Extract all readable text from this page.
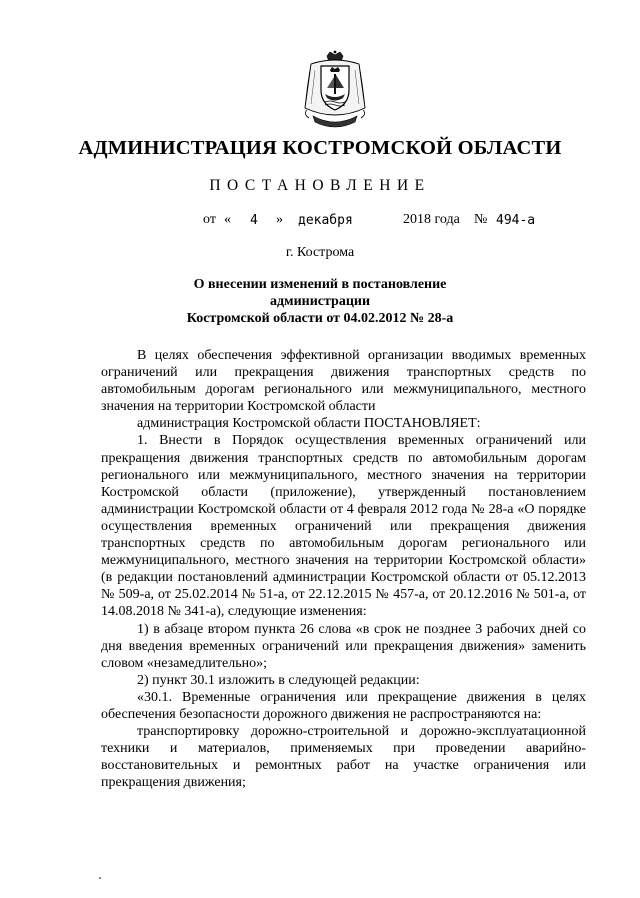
АДМИНИСТРАЦИЯ КОСТРОМСКОЙ ОБЛАСТИ
ПОСТАНОВЛЕНИЕ
от « 4 » декабря	2018 года № 494-а
г. Кострома
О внесении изменений в постановление администрации
Костромской области от 04.02.2012 № 28-а

В целях обеспечения эффективной организации вводимых временных ограничений или прекращения движения транспортных средств по автомобильным дорогам регионального или межмуниципального, местного значения на территории Костромской области

администрация Костромской области ПОСТАНОВЛЯЕТ:

1. Внести в Порядок осуществления временных ограничений или прекращения движения транспортных средств по автомобильным дорогам регионального или межмуниципального, местного значения на территории Костромской области (приложение), утвержденный постановлением администрации Костромской области от 4 февраля 2012 года № 28-а «О порядке осуществления временных ограничений или прекращения движения транспортных средств по автомобильным дорогам регионального или межмуниципального, местного значения на территории Костромской области» (в редакции постановлений администрации Костромской области от 05.12.2013 № 509-а, от 25.02.2014 № 51-а, от 22.12.2015 № 457-а, от 20.12.2016 № 501-а, от 14.08.2018 № 341-а), следующие изменения:

1) в абзаце втором пункта 26 слова «в срок не позднее 3 рабочих дней со дня введения временных ограничений или прекращения движения» заменить словом «незамедлительно»;

2) пункт 30.1 изложить в следующей редакции:

«30.1. Временные ограничения или прекращение движения в целях обеспечения безопасности дорожного движения не распространяются на:

транспортировку дорожно-строительной и дорожно-эксплуатационной техники и материалов, применяемых при проведении аварийно-восстановительных и ремонтных работ на участке ограничения или прекращения движения;
